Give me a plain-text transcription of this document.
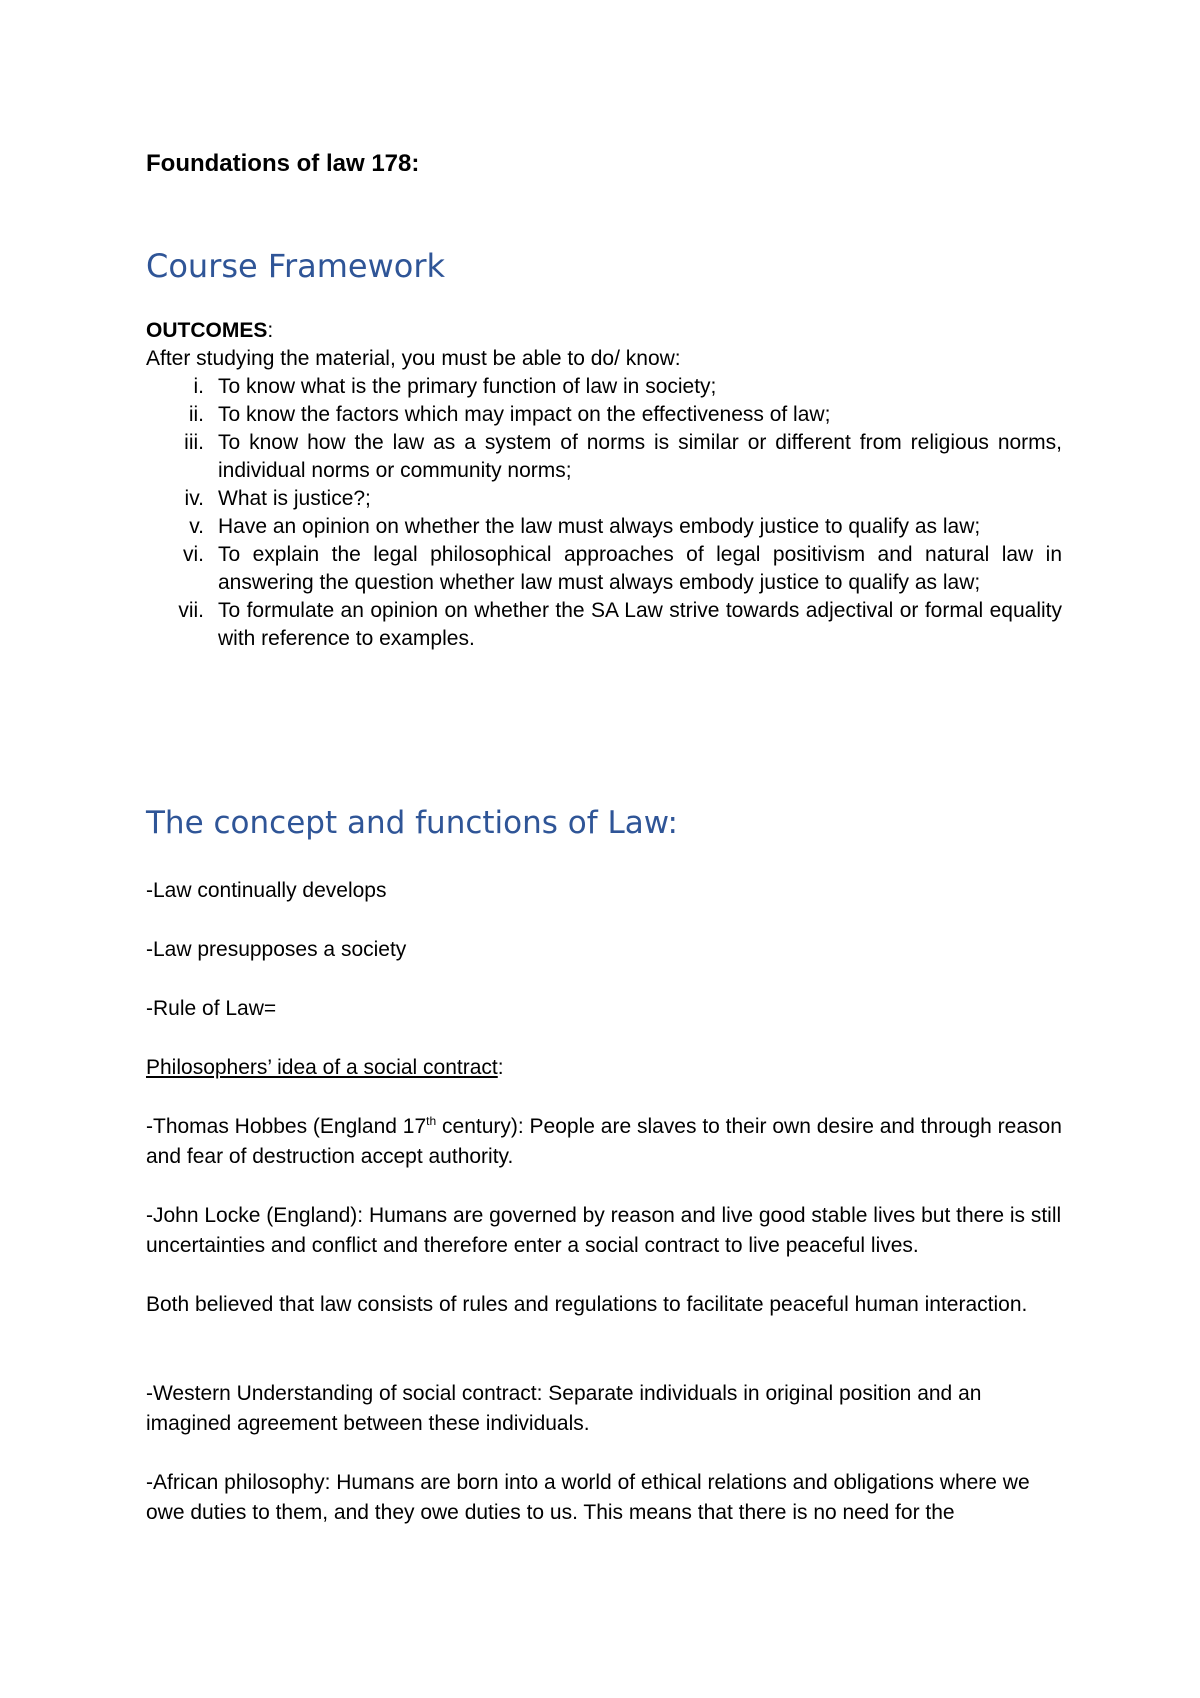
Foundations of law 178:
Course Framework
OUTCOMES:
After studying the material, you must be able to do/ know:
i. To know what is the primary function of law in society;
ii. To know the factors which may impact on the effectiveness of law;
iii. To know how the law as a system of norms is similar or different from religious norms, individual norms or community norms;
iv. What is justice?;
v. Have an opinion on whether the law must always embody justice to qualify as law;
vi. To explain the legal philosophical approaches of legal positivism and natural law in answering the question whether law must always embody justice to qualify as law;
vii. To formulate an opinion on whether the SA Law strive towards adjectival or formal equality with reference to examples.
The concept and functions of Law:

-Law continually develops

-Law presupposes a society

-Rule of Law=

Philosophers’ idea of a social contract:

-Thomas Hobbes (England 17th century): People are slaves to their own desire and through reason and fear of destruction accept authority.

-John Locke (England): Humans are governed by reason and live good stable lives but there is still uncertainties and conflict and therefore enter a social contract to live peaceful lives.

Both believed that law consists of rules and regulations to facilitate peaceful human interaction.

-Western Understanding of social contract: Separate individuals in original position and an imagined agreement between these individuals.

-African philosophy: Humans are born into a world of ethical relations and obligations where we owe duties to them, and they owe duties to us. This means that there is no need for the
